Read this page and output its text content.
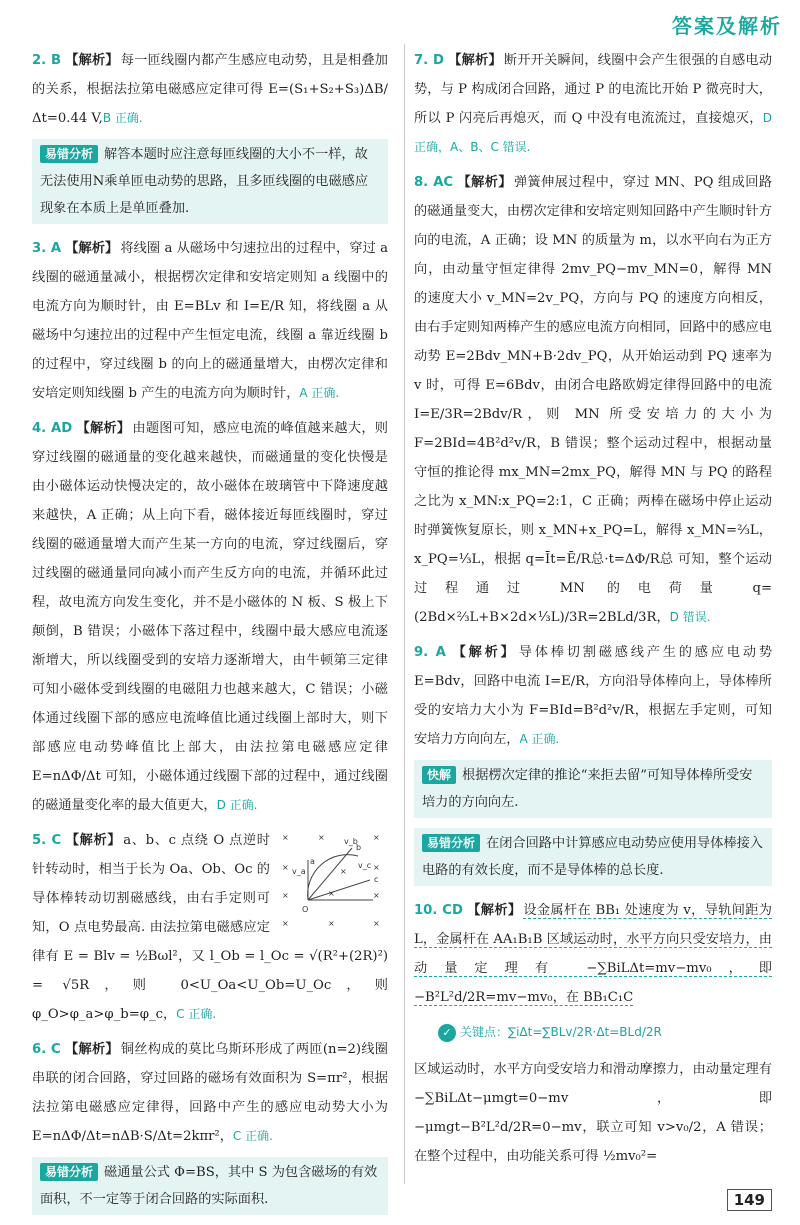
答案及解析
2. B 【解析】 每一匝线圈内都产生感应电动势，且是相叠加的关系，根据法拉第电磁感应定律可得 E=(S₁+S₂+S₃)ΔB/Δt=0.44 V,B 正确.
易错分析 解答本题时应注意每匝线圈的大小不一样，故无法使用N乘单匝电动势的思路，且多匝线圈的电磁感应现象在本质上是单匝叠加.
3. A 【解析】 将线圈 a 从磁场中匀速拉出的过程中，穿过 a 线圈的磁通量减小，根据楞次定律和安培定则知 a 线圈中的电流方向为顺时针，由 E=BLv 和 I=E/R 知，将线圈 a 从磁场中匀速拉出的过程中产生恒定电流，线圈 a 靠近线圈 b 的过程中，穿过线圈 b 的向上的磁通量增大，由楞次定律和安培定则知线圈 b 产生的电流方向为顺时针，A 正确.
4. AD 【解析】 由题图可知，感应电流的峰值越来越大，则穿过线圈的磁通量的变化越来越快，而磁通量的变化快慢是由小磁体运动快慢决定的，故小磁体在玻璃管中下降速度越来越快，A 正确；从上向下看，磁体接近每匝线圈时，穿过线圈的磁通量增大而产生某一方向的电流，穿过线圈后，穿过线圈的磁通量同向减小而产生反方向的电流，并循环此过程，故电流方向发生变化，并不是小磁体的 N 板、S 极上下颠倒，B 错误；小磁体下落过程中，线圈中最大感应电流逐渐增大，所以线圈受到的安培力逐渐增大，由牛顿第三定律可知小磁体受到线圈的电磁阻力也越来越大，C 错误；小磁体通过线圈下部的感应电流峰值比通过线圈上部时大，则下部感应电动势峰值比上部大，由法拉第电磁感应定律 E=nΔΦ/Δt 可知，小磁体通过线圈下部的过程中，通过线圈的磁通量变化率的最大值更大，D 正确.
×	×	×
×	×	×
×	×	×
×	×	×
v_b
b
v_c
c
v_a
a
O
5. C 【解析】 a、b、c 点绕 O 点逆时针转动时，相当于长为 Oa、Ob、Oc 的导体棒转动切割磁感线，由右手定则可知，O 点电势最高. 由法拉第电磁感应定律有 E = Blv = ½Bωl²，又 l_Ob = l_Oc = √(R²+(2R)²) = √5R，则 0<U_Oa<U_Ob=U_Oc，则 φ_O>φ_a>φ_b=φ_c，C 正确.
6. C 【解析】 铜丝构成的莫比乌斯环形成了两匝(n=2)线圈串联的闭合回路，穿过回路的磁场有效面积为 S=πr²，根据法拉第电磁感应定律得，回路中产生的感应电动势大小为 E=nΔΦ/Δt=nΔB·S/Δt=2kπr²，C 正确.
易错分析 磁通量公式 Φ=BS，其中 S 为包含磁场的有效面积，不一定等于闭合回路的实际面积.
7. D 【解析】 断开开关瞬间，线圈中会产生很强的自感电动势，与 P 构成闭合回路，通过 P 的电流比开始 P 微亮时大，所以 P 闪亮后再熄灭，而 Q 中没有电流流过，直接熄灭，D 正确，A、B、C 错误.
8. AC 【解析】 弹簧伸展过程中，穿过 MN、PQ 组成回路的磁通量变大，由楞次定律和安培定则知回路中产生顺时针方向的电流，A 正确；设 MN 的质量为 m，以水平向右为正方向，由动量守恒定律得 2mv_PQ−mv_MN=0，解得 MN 的速度大小 v_MN=2v_PQ，方向与 PQ 的速度方向相反，由右手定则知两棒产生的感应电流方向相同，回路中的感应电动势 E=2Bdv_MN+B·2dv_PQ，从开始运动到 PQ 速率为 v 时，可得 E=6Bdv，由闭合电路欧姆定律得回路中的电流 I=E/3R=2Bdv/R，则 MN 所受安培力的大小为 F=2BId=4B²d²v/R，B 错误；整个运动过程中，根据动量守恒的推论得 mx_MN=2mx_PQ，解得 MN 与 PQ 的路程之比为 x_MN:x_PQ=2:1，C 正确；两棒在磁场中停止运动时弹簧恢复原长，则 x_MN+x_PQ=L，解得 x_MN=⅔L，x_PQ=⅓L，根据 q=Īt=Ē/R总·t=ΔΦ/R总 可知，整个运动过程通过 MN 的电荷量 q=(2Bd×⅔L+B×2d×⅓L)/3R=2BLd/3R，D 错误.
9. A 【解析】 导体棒切割磁感线产生的感应电动势 E=Bdv，回路中电流 I=E/R，方向沿导体棒向上，导体棒所受的安培力大小为 F=BId=B²d²v/R，根据左手定则，可知安培力方向向左，A 正确.
快解 根据楞次定律的推论“来拒去留”可知导体棒所受安培力的方向向左.
易错分析 在闭合回路中计算感应电动势应使用导体棒接入电路的有效长度，而不是导体棒的总长度.
10. CD 【解析】 设金属杆在 BB₁ 处速度为 v，导轨间距为 L，金属杆在 AA₁B₁B 区域运动时，水平方向只受安培力，由动量定理有 −∑BiLΔt=mv−mv₀，即 −B²L²d/2R=mv−mv₀，在 BB₁C₁C
✓ 关键点：∑iΔt=∑BLv/2R·Δt=BLd/2R
区域运动时，水平方向受安培力和滑动摩擦力，由动量定理有 −∑BiLΔt−μmgt=0−mv，即 −μmgt−B²L²d/2R=0−mv，联立可知 v>v₀/2，A 错误；在整个过程中，由功能关系可得 ½mv₀²=
149
